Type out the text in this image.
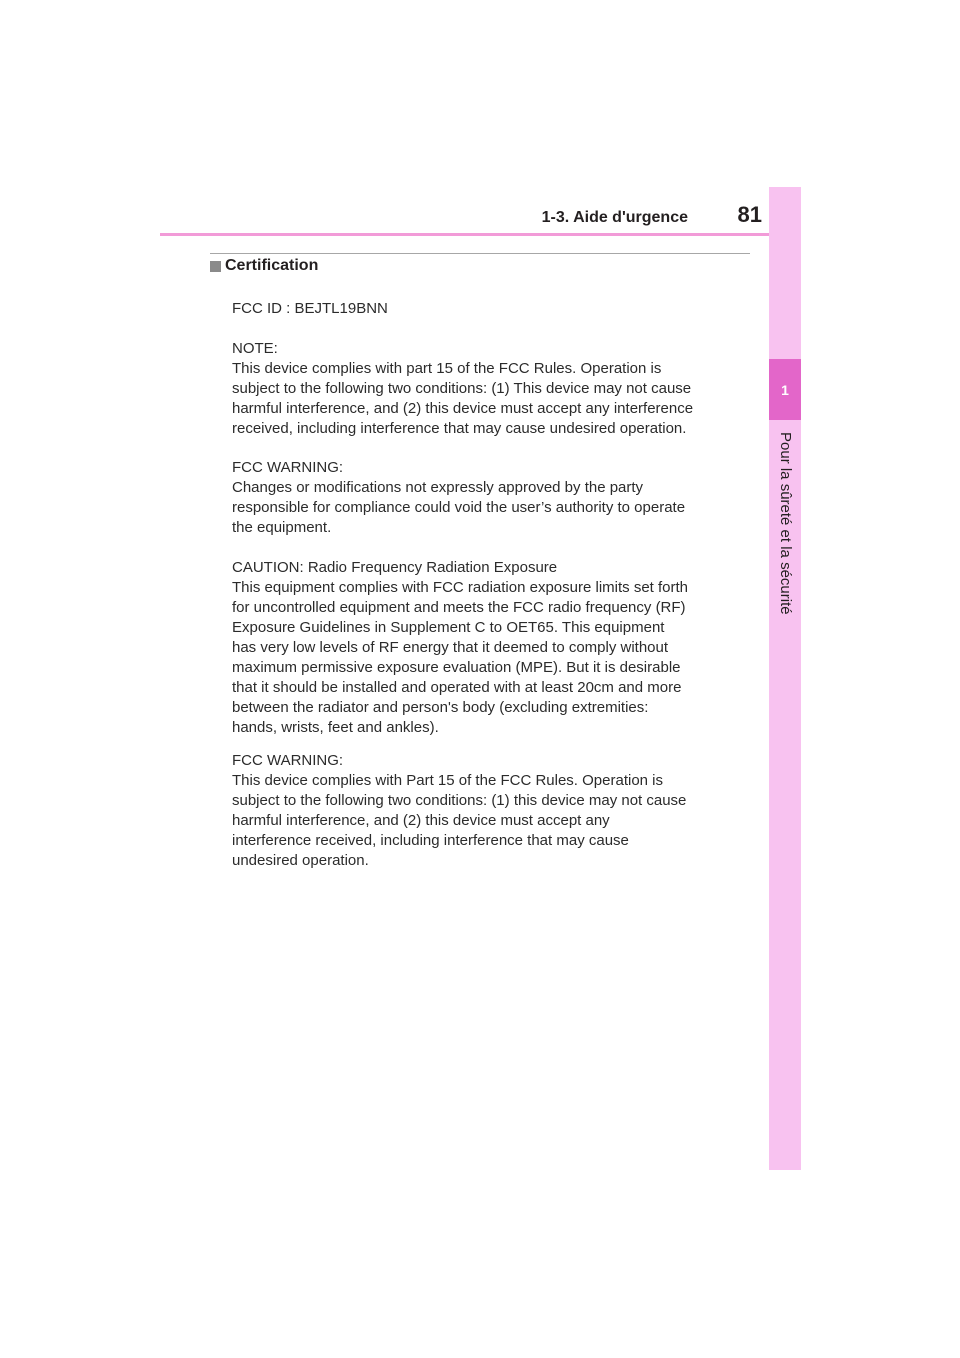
1-3. Aide d'urgence	81
1
Pour la sûreté et la sécurité
Certification
FCC ID : BEJTL19BNN
NOTE:
This device complies with part 15 of the FCC Rules. Operation is
subject to the following two conditions: (1) This device may not cause
harmful interference, and (2) this device must accept any interference
received, including interference that may cause undesired operation.
FCC WARNING:
Changes or modifications not expressly approved by the party
responsible for compliance could void the user’s authority to operate
the equipment.
CAUTION: Radio Frequency Radiation Exposure
This equipment complies with FCC radiation exposure limits set forth
for uncontrolled equipment and meets the FCC radio frequency (RF)
Exposure Guidelines in Supplement C to OET65. This equipment
has very low levels of RF energy that it deemed to comply without
maximum permissive exposure evaluation (MPE). But it is desirable
that it should be installed and operated with at least 20cm and more
between the radiator and person's body (excluding extremities:
hands, wrists, feet and ankles).
FCC WARNING:
This device complies with Part 15 of the FCC Rules. Operation is
subject to the following two conditions: (1) this device may not cause
harmful interference, and (2) this device must accept any
interference received, including interference that may cause
undesired operation.
